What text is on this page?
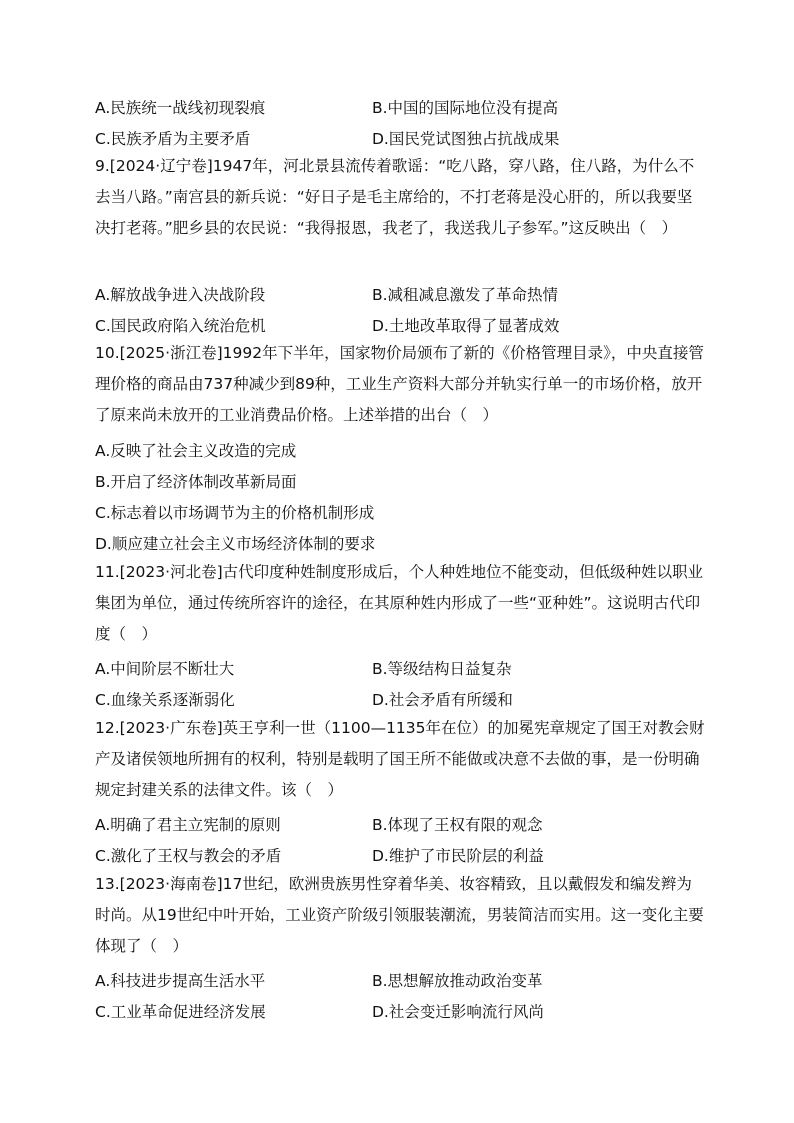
A.民族统一战线初现裂痕	B.中国的国际地位没有提高
C.民族矛盾为主要矛盾	D.国民党试图独占抗战成果
9.[2024·辽宁卷]1947年，河北景县流传着歌谣：“吃八路，穿八路，住八路，为什么不去当八路。”南宫县的新兵说：“好日子是毛主席给的，不打老蒋是没心肝的，所以我要坚决打老蒋。”肥乡县的农民说：“我得报恩，我老了，我送我儿子参军。”这反映出（　）
A.解放战争进入决战阶段	B.减租减息激发了革命热情
C.国民政府陷入统治危机	D.土地改革取得了显著成效
10.[2025·浙江卷]1992年下半年，国家物价局颁布了新的《价格管理目录》，中央直接管理价格的商品由737种减少到89种，工业生产资料大部分并轨实行单一的市场价格，放开了原来尚未放开的工业消费品价格。上述举措的出台（　）
A.反映了社会主义改造的完成
B.开启了经济体制改革新局面
C.标志着以市场调节为主的价格机制形成
D.顺应建立社会主义市场经济体制的要求
11.[2023·河北卷]古代印度种姓制度形成后，个人种姓地位不能变动，但低级种姓以职业集团为单位，通过传统所容许的途径，在其原种姓内形成了一些“亚种姓”。这说明古代印度（　）
A.中间阶层不断壮大	B.等级结构日益复杂
C.血缘关系逐渐弱化	D.社会矛盾有所缓和
12.[2023·广东卷]英王亨利一世（1100—1135年在位）的加冕宪章规定了国王对教会财产及诸侯领地所拥有的权利，特别是载明了国王所不能做或决意不去做的事，是一份明确规定封建关系的法律文件。该（　）
A.明确了君主立宪制的原则	B.体现了王权有限的观念
C.激化了王权与教会的矛盾	D.维护了市民阶层的利益
13.[2023·海南卷]17世纪，欧洲贵族男性穿着华美、妆容精致，且以戴假发和编发辫为时尚。从19世纪中叶开始，工业资产阶级引领服装潮流，男装简洁而实用。这一变化主要体现了（　）
A.科技进步提高生活水平	B.思想解放推动政治变革
C.工业革命促进经济发展	D.社会变迁影响流行风尚
